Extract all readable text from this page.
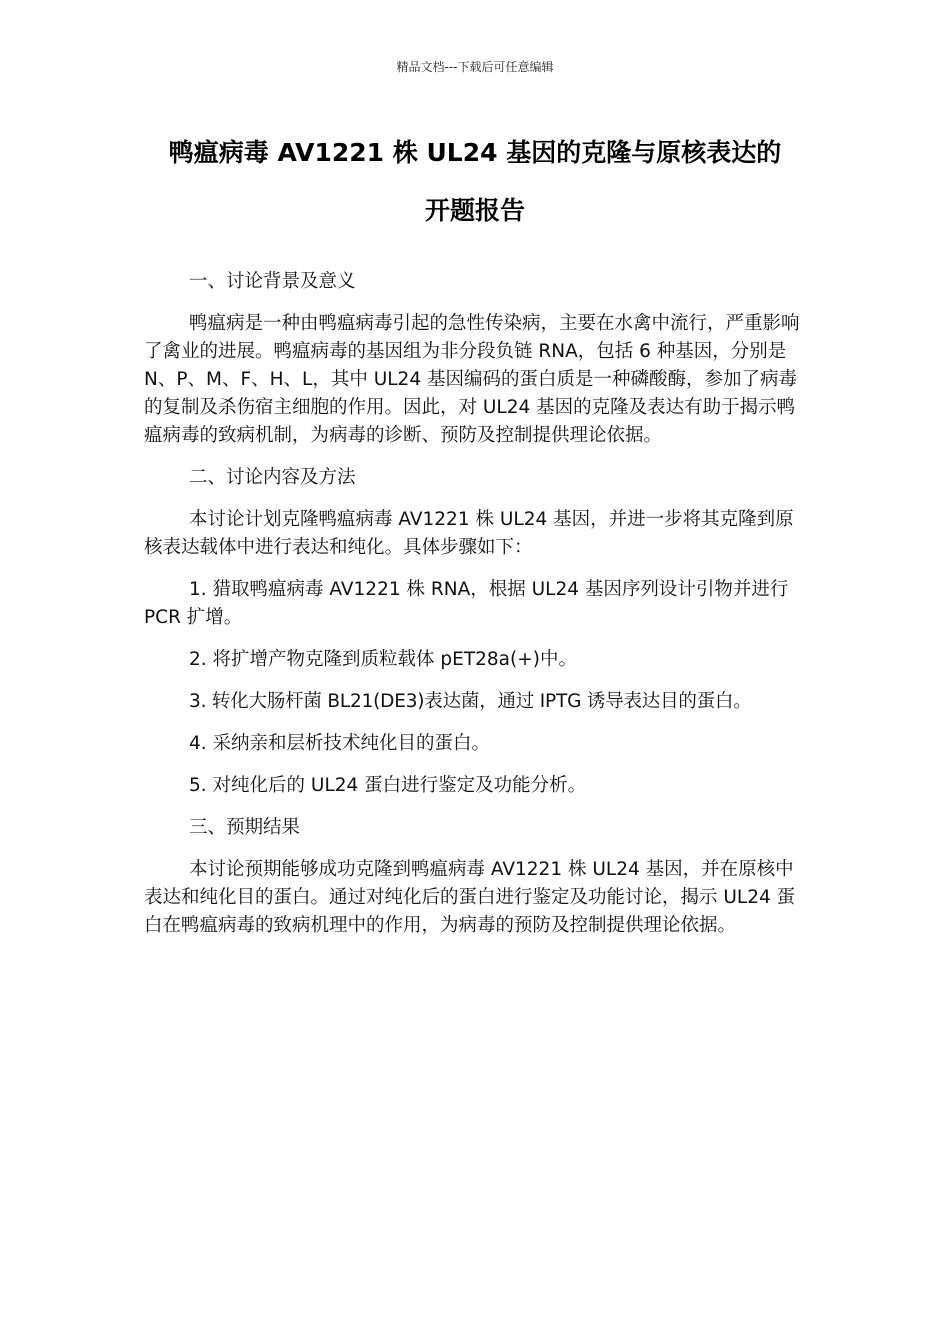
精品文档---下载后可任意编辑
鸭瘟病毒 AV1221 株 UL24 基因的克隆与原核表达的
开题报告

一、讨论背景及意义

鸭瘟病是一种由鸭瘟病毒引起的急性传染病，主要在水禽中流行，严重影响了禽业的进展。鸭瘟病毒的基因组为非分段负链 RNA，包括 6 种基因，分别是 N、P、M、F、H、L，其中 UL24 基因编码的蛋白质是一种磷酸酶，参加了病毒的复制及杀伤宿主细胞的作用。因此，对 UL24 基因的克隆及表达有助于揭示鸭瘟病毒的致病机制，为病毒的诊断、预防及控制提供理论依据。

二、讨论内容及方法

本讨论计划克隆鸭瘟病毒 AV1221 株 UL24 基因，并进一步将其克隆到原核表达载体中进行表达和纯化。具体步骤如下：

1. 猎取鸭瘟病毒 AV1221 株 RNA，根据 UL24 基因序列设计引物并进行 PCR 扩增。

2. 将扩增产物克隆到质粒载体 pET28a(+)中。

3. 转化大肠杆菌 BL21(DE3)表达菌，通过 IPTG 诱导表达目的蛋白。

4. 采纳亲和层析技术纯化目的蛋白。

5. 对纯化后的 UL24 蛋白进行鉴定及功能分析。

三、预期结果

本讨论预期能够成功克隆到鸭瘟病毒 AV1221 株 UL24 基因，并在原核中表达和纯化目的蛋白。通过对纯化后的蛋白进行鉴定及功能讨论，揭示 UL24 蛋白在鸭瘟病毒的致病机理中的作用，为病毒的预防及控制提供理论依据。
